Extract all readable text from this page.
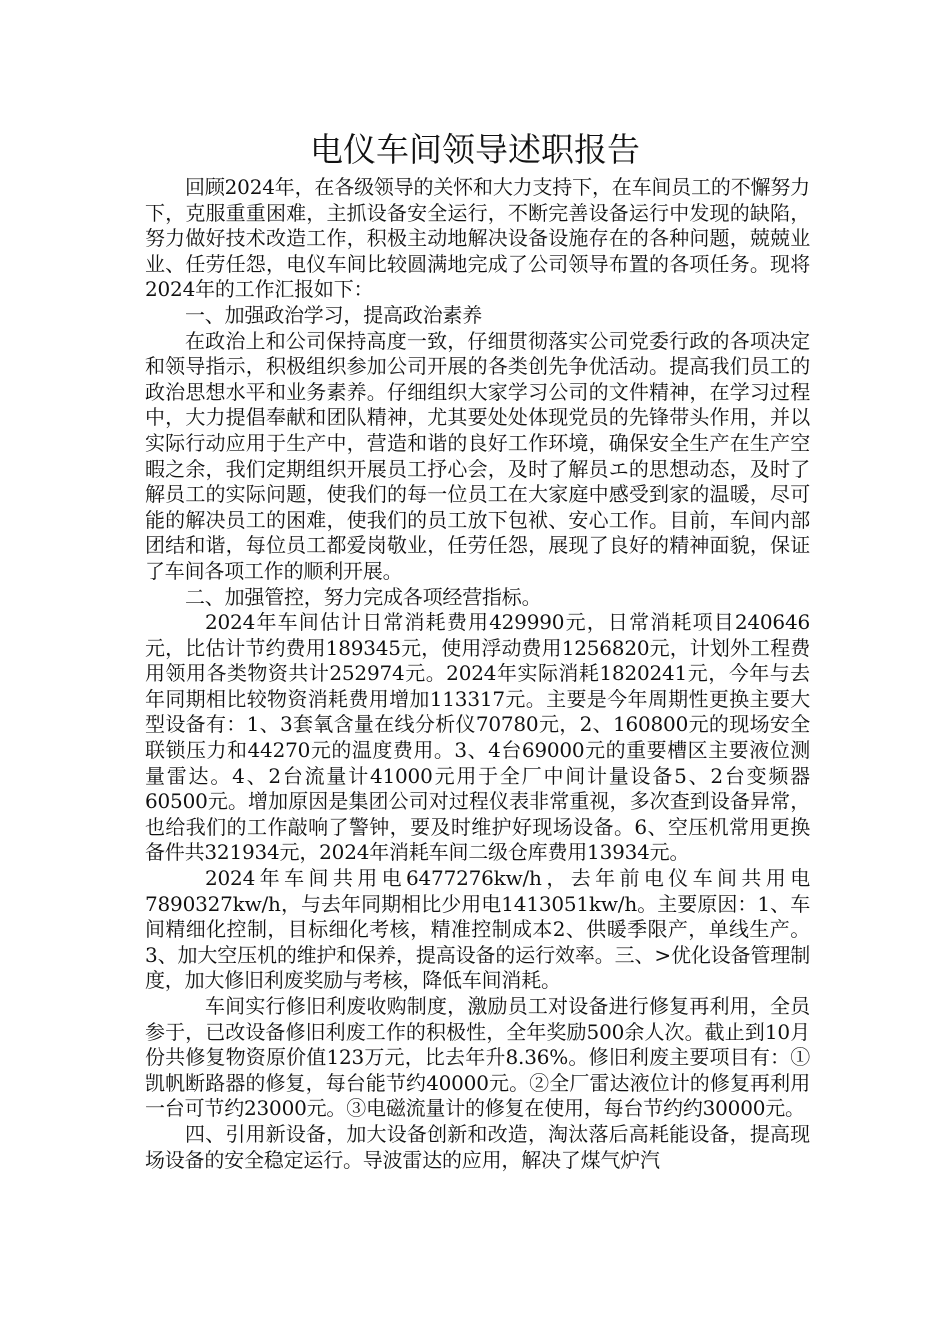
电仪车间领导述职报告

回顾2024年，在各级领导的关怀和大力支持下，在车间员工的不懈努力下，克服重重困难，主抓设备安全运行，不断完善设备运行中发现的缺陷，努力做好技术改造工作，积极主动地解决设备设施存在的各种问题，兢兢业业、任劳任怨，电仪车间比较圆满地完成了公司领导布置的各项任务。现将2024年的工作汇报如下：

一、加强政治学习，提高政治素养

在政治上和公司保持高度一致，仔细贯彻落实公司党委行政的各项决定和领导指示，积极组织参加公司开展的各类创先争优活动。提高我们员工的政治思想水平和业务素养。仔细组织大家学习公司的文件精神，在学习过程中，大力提倡奉献和团队精神，尤其要处处体现党员的先锋带头作用，并以实际行动应用于生产中，营造和谐的良好工作环境，确保安全生产在生产空暇之余，我们定期组织开展员工抒心会，及时了解员エ的思想动态，及时了解员工的实际问题，使我们的每一位员工在大家庭中感受到家的温暖，尽可能的解决员工的困难，使我们的员工放下包袱、安心工作。目前，车间内部团结和谐，每位员工都爱岗敬业，任劳任怨，展现了良好的精神面貌，保证了车间各项工作的顺利开展。

二、加强管控，努力完成各项经营指标。

2024年车间估计日常消耗费用429990元，日常消耗项目240646元，比估计节约费用189345元，使用浮动费用1256820元，计划外工程费用领用各类物资共计252974元。2024年实际消耗1820241元，今年与去年同期相比较物资消耗费用增加113317元。主要是今年周期性更换主要大型设备有：1、3套氧含量在线分析仪70780元，2、160800元的现场安全联锁压力和44270元的温度费用。3、4台69000元的重要槽区主要液位测量雷达。4、2台流量计41000元用于全厂中间计量设备5、2台变频器60500元。增加原因是集团公司对过程仪表非常重视，多次查到设备异常，也给我们的工作敲响了警钟，要及时维护好现场设备。6、空压机常用更换备件共321934元，2024年消耗车间二级仓库费用13934元。

2024年车间共用电6477276kw/h，去年前电仪车间共用电7890327kw/h，与去年同期相比少用电1413051kw/h。主要原因：1、车间精细化控制，目标细化考核，精准控制成本2、供暖季限产，单线生产。3、加大空压机的维护和保养，提高设备的运行效率。三、>优化设备管理制度，加大修旧利废奖励与考核，降低车间消耗。

车间实行修旧利废收购制度，激励员工对设备进行修复再利用，全员参于，已改设备修旧利废工作的积极性，全年奖励500余人次。截止到10月份共修复物资原价值123万元，比去年升8.36%。修旧利废主要项目有：①凯帆断路器的修复，每台能节约40000元。②全厂雷达液位计的修复再利用一台可节约23000元。③电磁流量计的修复在使用，每台节约约30000元。

四、引用新设备，加大设备创新和改造，淘汰落后高耗能设备，提高现场设备的安全稳定运行。导波雷达的应用，解决了煤气炉汽
